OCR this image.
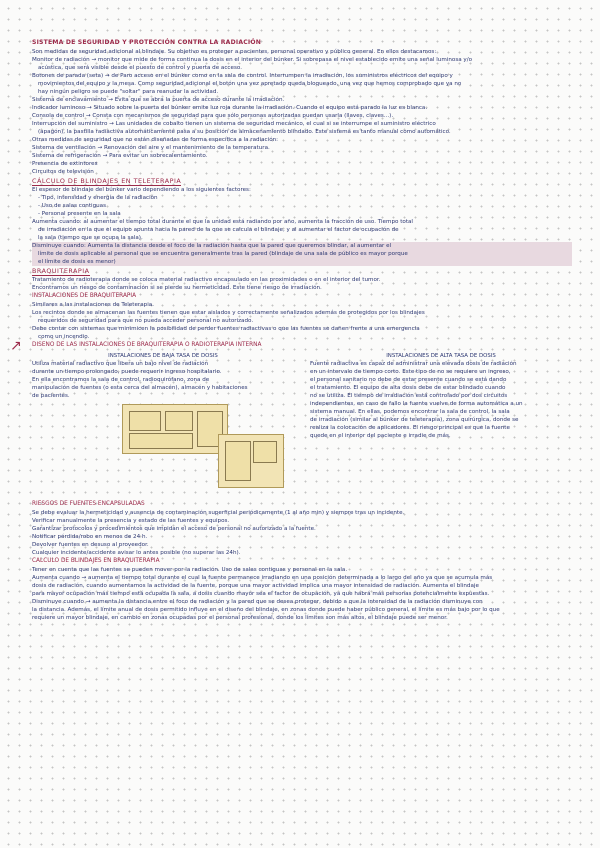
SISTEMA DE SEGURIDAD Y PROTECCIÓN CONTRA LA RADIACIÓN
Son medidas de seguridad adicional al blindaje. Su objetivo es proteger a pacientes, personal operativo y público general. En ellos destacamos:
Monitor de radiación → monitor que mide de forma continua la dosis en el interior del búnker. Si sobrepasa el nivel establecido emite una señal luminosa y/o
acústica, que será visible desde el puesto de control y puerta de acceso.
Botones de parada (seta) → de Paro acceso en el búnker como en la sala de control. Interrumpen la irradiación, los suministros eléctricos del equipo y
movimientos del equipo y la mesa. Como seguridad adicional el botón una vez apretado queda bloqueado, una vez que hemos comprobado que ya no
hay ningún peligro se puede "soltar" para reanudar la actividad.
Sistema de enclavamiento → Evita que se abra la puerta de acceso durante la irradiación.
Indicador luminoso → Situado sobre la puerta del búnker emite luz roja durante la irradiación. Cuando el equipo está parado la luz es blanca.
Consola de control → Consta con mecanismos de seguridad para que sólo personas autorizadas puedan usarla (llaves, claves...).
Interrupción del suministro → Las unidades de cobalto tienen un sistema de seguridad mecánico, el cual si se interrumpe el suministro eléctrico
(apagón), la pastilla radiactiva automáticamente pasa a su posición de almacenamiento blindado. Este sistema es tanto manual como automático.
Otras medidas de seguridad que no están diseñadas de forma específica a la radiación:
Sistema de ventilación → Renovación del aire y el mantenimiento de la temperatura.
Sistema de refrigeración → Para evitar un sobrecalentamiento.
Presencia de extintores
Circuitos de televisión
CÁLCULO DE BLINDAJES EN TELETERAPIA
El espesor de blindaje del búnker vario dependiendo a los siguientes factores:
- Tipo, intensidad y energía de la radiación
- Uso de salas contiguas
- Personal presente en la sala
Aumenta cuando: al aumentar el tiempo total durante el que la unidad está radiando por año, aumenta la fracción de uso. Tiempo total
de irradiación en la que el equipo apunta hacia la pared de la que se calcula el blindaje, y al aumentar el factor de ocupación de
la sala (tiempo que se ocupa la sala).
Disminuye cuando: Aumenta la distancia desde el foco de la radiación hasta que la pared que queremos blindar, al aumentar el
límite de dosis aplicable al personal que se encuentra generalmente tras la pared (blindaje de una sala de público es mayor porque
el límite de dosis es menor)
BRAQUITERAPIA
Tratamiento de radioterapia donde se coloca material radiactivo encapsulado en las proximidades o en el interior del tumor.
Encontramos un riesgo de contaminación si se pierde su hermeticidad. Este tiene riesgo de irradiación.
INSTALACIONES DE BRAQUITERAPIA
Similares a las instalaciones de Teleterapia.
Los recintos donde se almacenan las fuentes tienen que estar aislados y correctamente señalizados además de protegidos por los blindajes
requeridos de seguridad para que no pueda acceder personal no autorizado.
Debe contar con sistemas que minimicen la posibilidad de perder fuentes radiactivas o que las fuentes se dañen frente a una emergencia
como un incendio.
DISEÑO DE LAS INSTALACIONES DE BRAQUITERAPIA O RADIOTERAPIA INTERNA
INSTALACIONES DE BAJA TASA DE DOSIS
Utiliza material radiactivo que libera un bajo nivel de radiación
durante un tiempo prolongado, puede requerir ingreso hospitalario.
En ella encontramos la sala de control, radioquirófano, zona de
manipulación de fuentes (o esta cerca del almacén), almacén y habitaciones
de pacientes.
INSTALACIONES DE ALTA TASA DE DOSIS
Fuente radiactiva es capaz de administrar una elevada dosis de radiación
en un intervalo de tiempo corto. Este tipo de no se requiere un ingreso,
el personal sanitario no debe de estar presente cuando se está dando
el tratamiento. El equipo de alta dosis debe de estar blindado cuando
no se utiliza. El tiempo de irradiación está controlado por dos circuitos
independientes, en caso de fallo la fuente vuelve de forma automática a un
sistema manual. En ellas, podemos encontrar la sala de control, la sala
de irradiación (similar al búnker de teleterapia), zona quirúrgica, donde se
realiza la colocación de aplicadores. El riesgo principal es que la fuente
quede en el interior del paciente e irradie de más.
RIESGOS DE FUENTES ENCAPSULADAS
Se debe evaluar la hermeticidad y ausencia de contaminación superficial periódicamente (1 al año min) y siempre tras un incidente.
Verificar manualmente la presencia y estado de las fuentes y equipos.
Garantizar protocolos y procedimientos que impidan el acceso de personal no autorizado a la fuente.
Notificar pérdida/robo en menos de 24 h.
Devolver fuentes en desuso al proveedor.
Cualquier incidente/accidente avisar lo antes posible (no superar las 24h).
CÁLCULO DE BLINDAJES EN BRAQUITERAPIA
Tener en cuenta que las fuentes se pueden mover por la radiación. Uso de salas contiguas y personal en la sala.
Aumenta cuando → aumenta el tiempo total durante el cual la fuente permanece irradiando en una posición determinada a lo largo del año ya que se acumula más
dosis de radiación, cuando aumentamos la actividad de la fuente, porque una mayor actividad implica una mayor intensidad de radiación. Aumenta el blindaje
para mayor ocupación más tiempo está ocupada la sala, a dosis cuando mayor sea el factor de ocupación, ya que habrá más personas potencialmente expuestas.
Disminuye cuando → aumenta la distancia entre el foco de radiación y la pared que se desea proteger, debido a que la intensidad de la radiación disminuye con
la distancia. Además, el límite anual de dosis permitido influye en el diseño del blindaje, en zonas donde puede haber público general, el límite es más bajo por lo que
requiere un mayor blindaje, en cambio en zonas ocupadas por el personal profesional, donde los límites son más altos, el blindaje puede ser menor.
↗
